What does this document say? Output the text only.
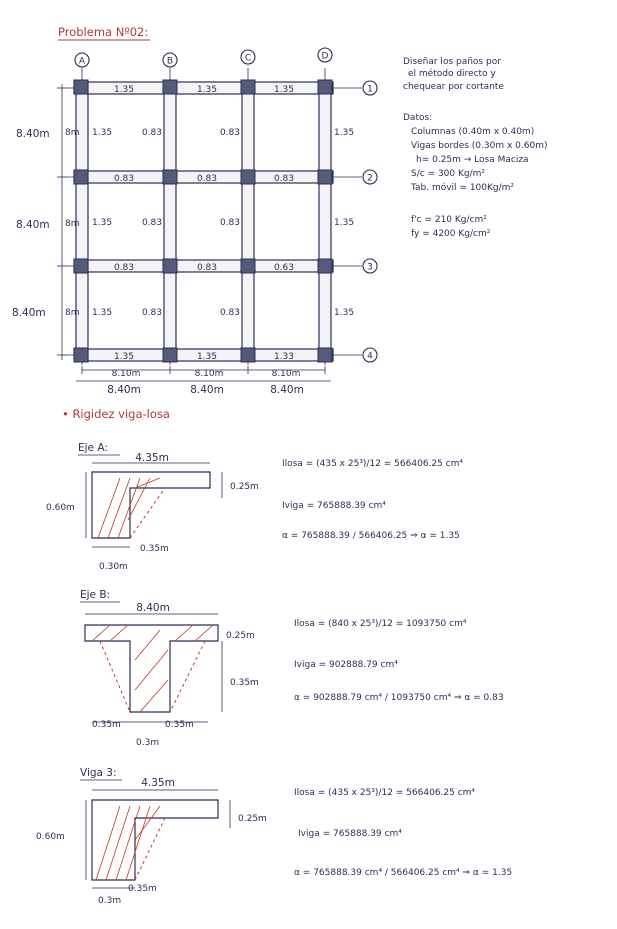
Problema Nº02:
A	B	C	D
1
2
3
4
1.35	1.35	1.35
0.83	0.83	0.83
0.83	0.83	0.63
1.35	1.35	1.33
1.35	0.83	0.83	1.35
1.35	0.83	0.83	1.35
1.35	0.83	0.83	1.35
8.40m
8.40m
8.40m
8m
8m
8m
8.10m	8.10m	8.10m
8.40m	8.40m	8.40m
Diseñar los paños por
el método directo y
chequear por cortante
Datos:
Columnas (0.40m x 0.40m)
Vigas bordes (0.30m x 0.60m)
h= 0.25m → Losa Maciza
S/c = 300 Kg/m²
Tab. móvil = 100Kg/m²
f'c = 210 Kg/cm²
fy = 4200 Kg/cm²
• Rigidez viga-losa
Eje A:
4.35m
0.25m
0.60m
0.35m
0.30m
Ilosa = (435 x 25³)/12 = 566406.25 cm⁴
Iviga = 765888.39 cm⁴
α = 765888.39 / 566406.25 ⇒ α = 1.35
Eje B:
8.40m
0.25m
0.35m
0.35m	0.35m
0.3m
Ilosa = (840 x 25³)/12 = 1093750 cm⁴
Iviga = 902888.79 cm⁴
α = 902888.79 cm⁴ / 1093750 cm⁴ ⇒ α = 0.83
Viga 3:
4.35m
0.25m
0.60m
0.35m
0.3m
Ilosa = (435 x 25³)/12 = 566406.25 cm⁴
Iviga = 765888.39 cm⁴
α = 765888.39 cm⁴ / 566406.25 cm⁴ ⇒ α = 1.35
